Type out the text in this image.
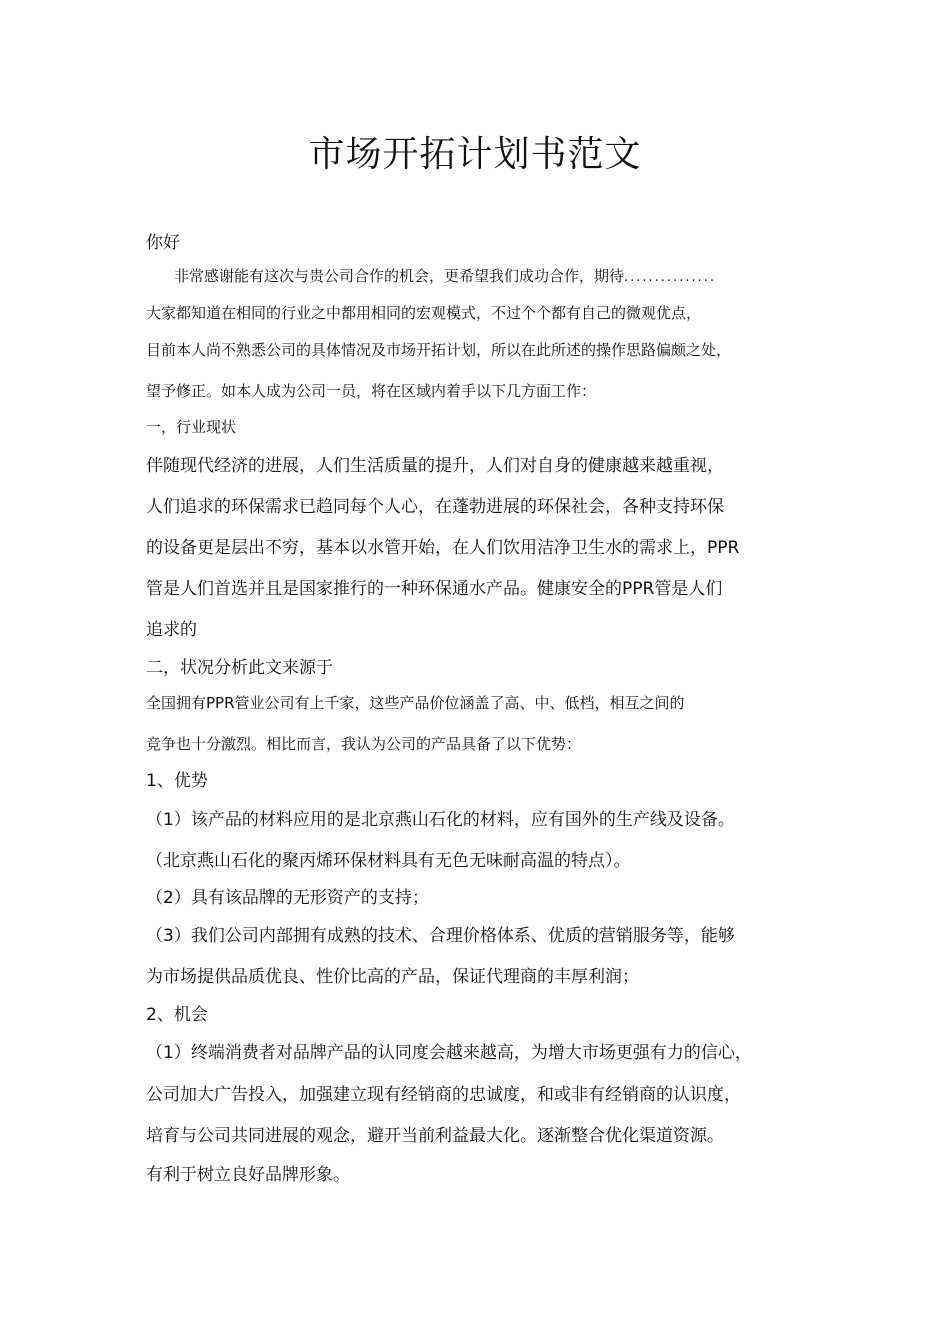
市场开拓计划书范文
你好
非常感谢能有这次与贵公司合作的机会，更希望我们成功合作，期待...............
大家都知道在相同的行业之中都用相同的宏观模式，不过个个都有自己的微观优点，
目前本人尚不熟悉公司的具体情况及市场开拓计划，所以在此所述的操作思路偏颇之处，
望予修正。如本人成为公司一员，将在区域内着手以下几方面工作：
一，行业现状
伴随现代经济的进展，人们生活质量的提升，人们对自身的健康越来越重视，
人们追求的环保需求已趋同每个人心，在蓬勃进展的环保社会，各种支持环保
的设备更是层出不穷，基本以水管开始，在人们饮用洁净卫生水的需求上，PPR
管是人们首选并且是国家推行的一种环保通水产品。健康安全的PPR管是人们
追求的
二，状况分析此文来源于
全国拥有PPR管业公司有上千家，这些产品价位涵盖了高、中、低档，相互之间的
竞争也十分激烈。相比而言，我认为公司的产品具备了以下优势：
1、优势
（1）该产品的材料应用的是北京燕山石化的材料，应有国外的生产线及设备。
（北京燕山石化的聚丙烯环保材料具有无色无味耐高温的特点）。
（2）具有该品牌的无形资产的支持；
（3）我们公司内部拥有成熟的技术、合理价格体系、优质的营销服务等，能够
为市场提供品质优良、性价比高的产品，保证代理商的丰厚利润；
2、机会
（1）终端消费者对品牌产品的认同度会越来越高，为增大市场更强有力的信心，
公司加大广告投入，加强建立现有经销商的忠诚度，和或非有经销商的认识度，
培育与公司共同进展的观念，避开当前利益最大化。逐渐整合优化渠道资源。
有利于树立良好品牌形象。
